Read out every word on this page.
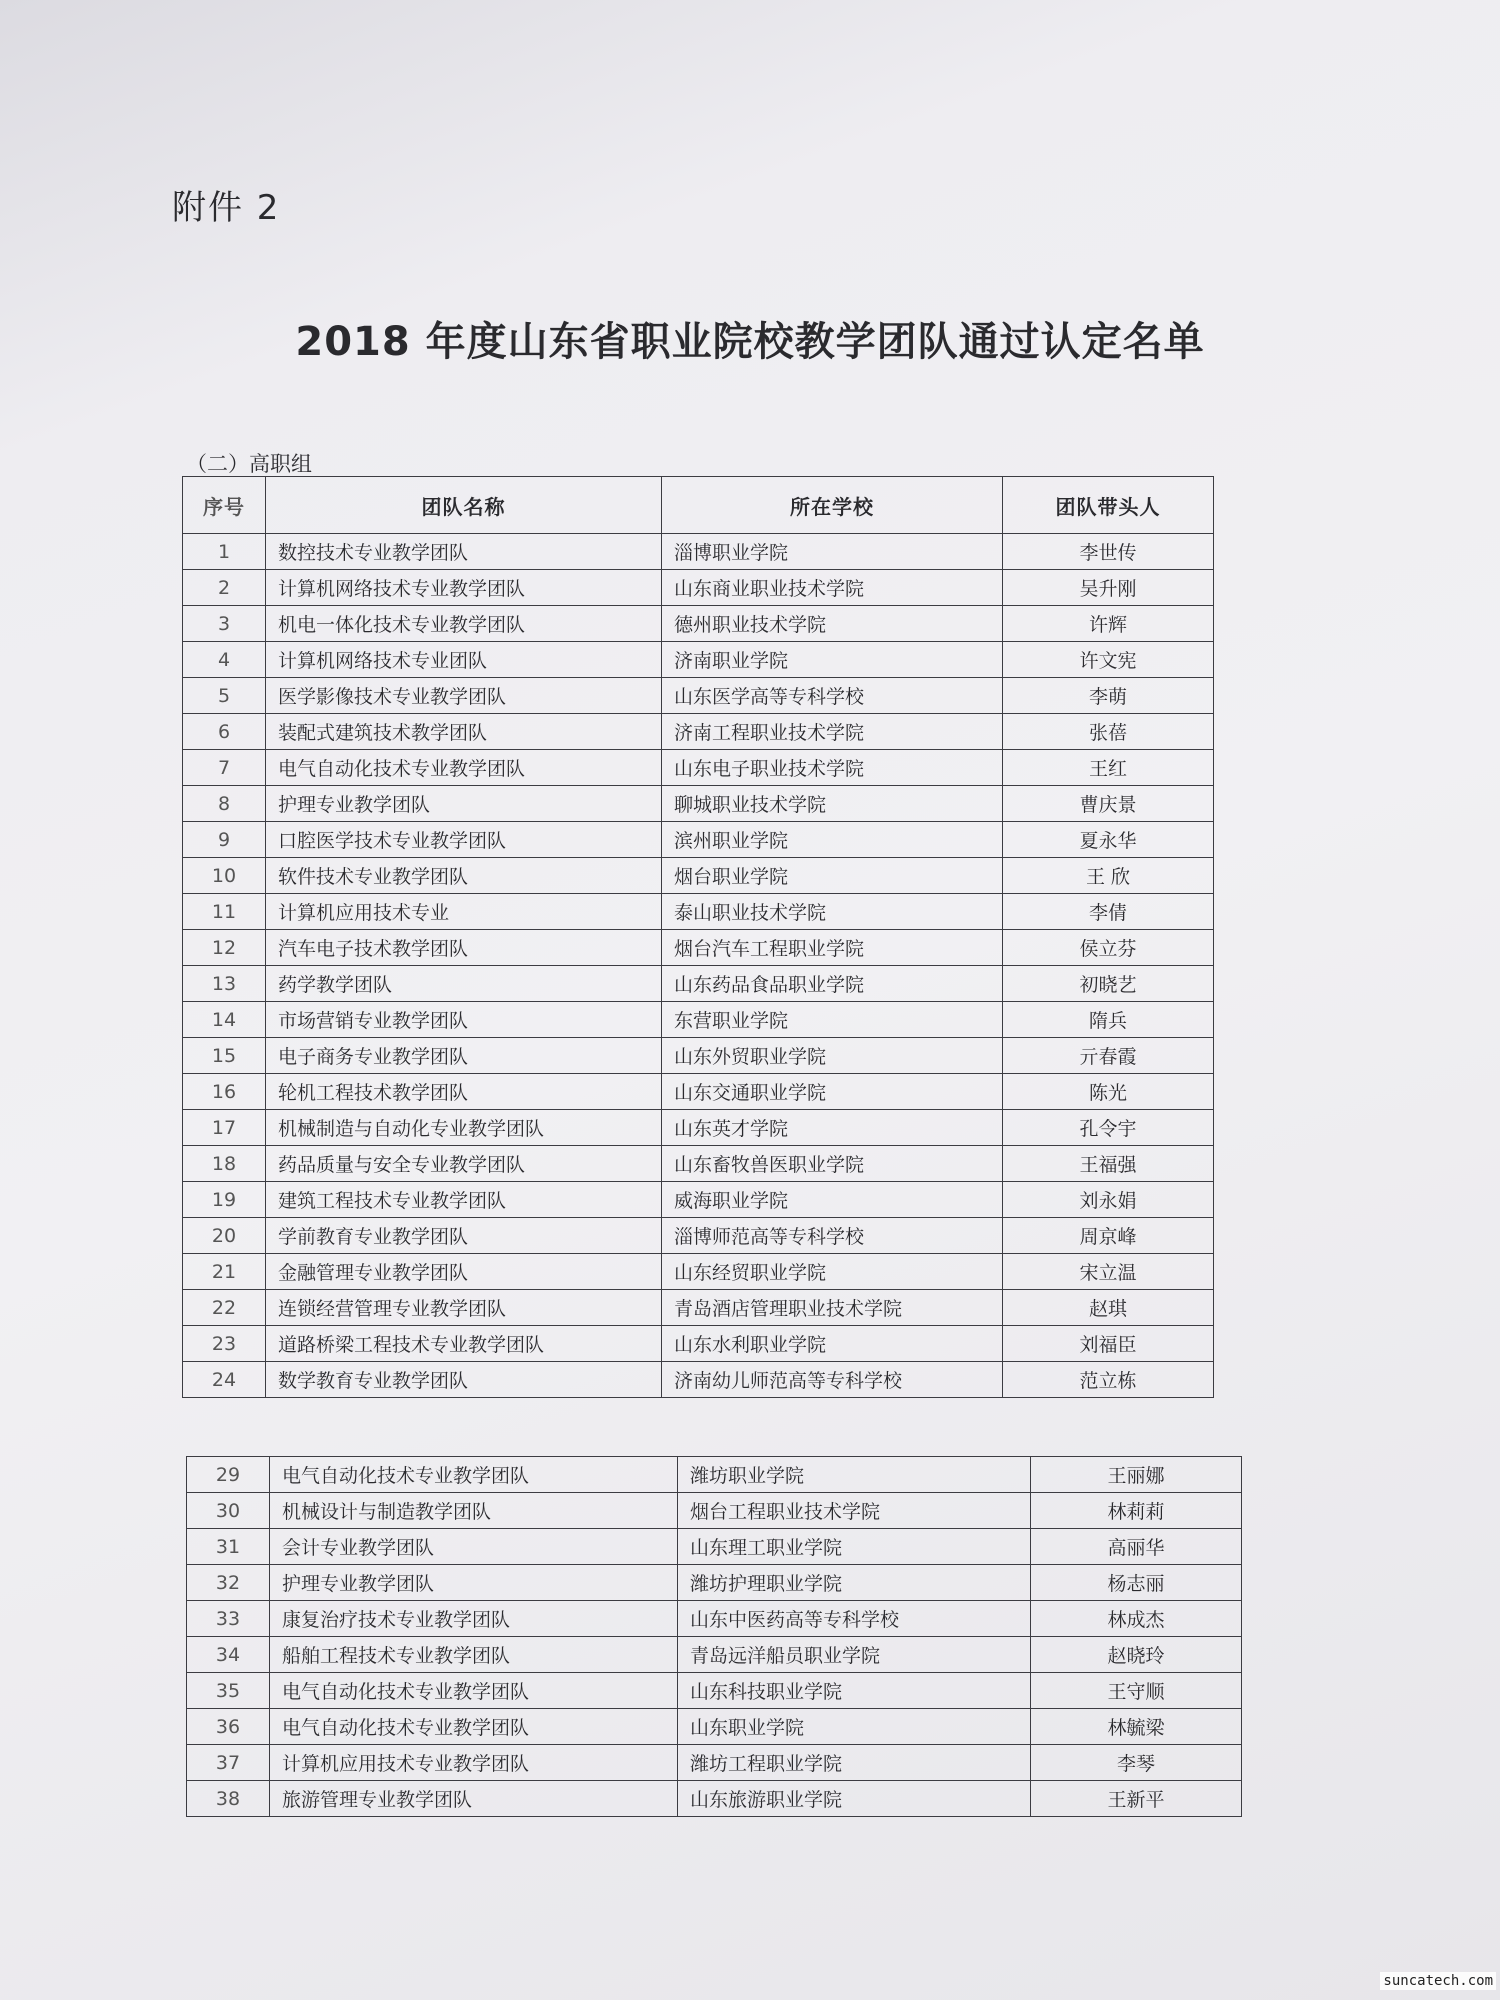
附件 2
2018 年度山东省职业院校教学团队通过认定名单
（二）高职组
序号	团队名称	所在学校	团队带头人
1	数控技术专业教学团队	淄博职业学院	李世传
2	计算机网络技术专业教学团队	山东商业职业技术学院	吴升刚
3	机电一体化技术专业教学团队	德州职业技术学院	许辉
4	计算机网络技术专业团队	济南职业学院	许文宪
5	医学影像技术专业教学团队	山东医学高等专科学校	李萌
6	装配式建筑技术教学团队	济南工程职业技术学院	张蓓
7	电气自动化技术专业教学团队	山东电子职业技术学院	王红
8	护理专业教学团队	聊城职业技术学院	曹庆景
9	口腔医学技术专业教学团队	滨州职业学院	夏永华
10	软件技术专业教学团队	烟台职业学院	王 欣
11	计算机应用技术专业	泰山职业技术学院	李倩
12	汽车电子技术教学团队	烟台汽车工程职业学院	侯立芬
13	药学教学团队	山东药品食品职业学院	初晓艺
14	市场营销专业教学团队	东营职业学院	隋兵
15	电子商务专业教学团队	山东外贸职业学院	亓春霞
16	轮机工程技术教学团队	山东交通职业学院	陈光
17	机械制造与自动化专业教学团队	山东英才学院	孔令宇
18	药品质量与安全专业教学团队	山东畜牧兽医职业学院	王福强
19	建筑工程技术专业教学团队	威海职业学院	刘永娟
20	学前教育专业教学团队	淄博师范高等专科学校	周京峰
21	金融管理专业教学团队	山东经贸职业学院	宋立温
22	连锁经营管理专业教学团队	青岛酒店管理职业技术学院	赵琪
23	道路桥梁工程技术专业教学团队	山东水利职业学院	刘福臣
24	数学教育专业教学团队	济南幼儿师范高等专科学校	范立栋
29	电气自动化技术专业教学团队	潍坊职业学院	王丽娜
30	机械设计与制造教学团队	烟台工程职业技术学院	林莉莉
31	会计专业教学团队	山东理工职业学院	高丽华
32	护理专业教学团队	潍坊护理职业学院	杨志丽
33	康复治疗技术专业教学团队	山东中医药高等专科学校	林成杰
34	船舶工程技术专业教学团队	青岛远洋船员职业学院	赵晓玲
35	电气自动化技术专业教学团队	山东科技职业学院	王守顺
36	电气自动化技术专业教学团队	山东职业学院	林毓梁
37	计算机应用技术专业教学团队	潍坊工程职业学院	李琴
38	旅游管理专业教学团队	山东旅游职业学院	王新平
suncatech.com
